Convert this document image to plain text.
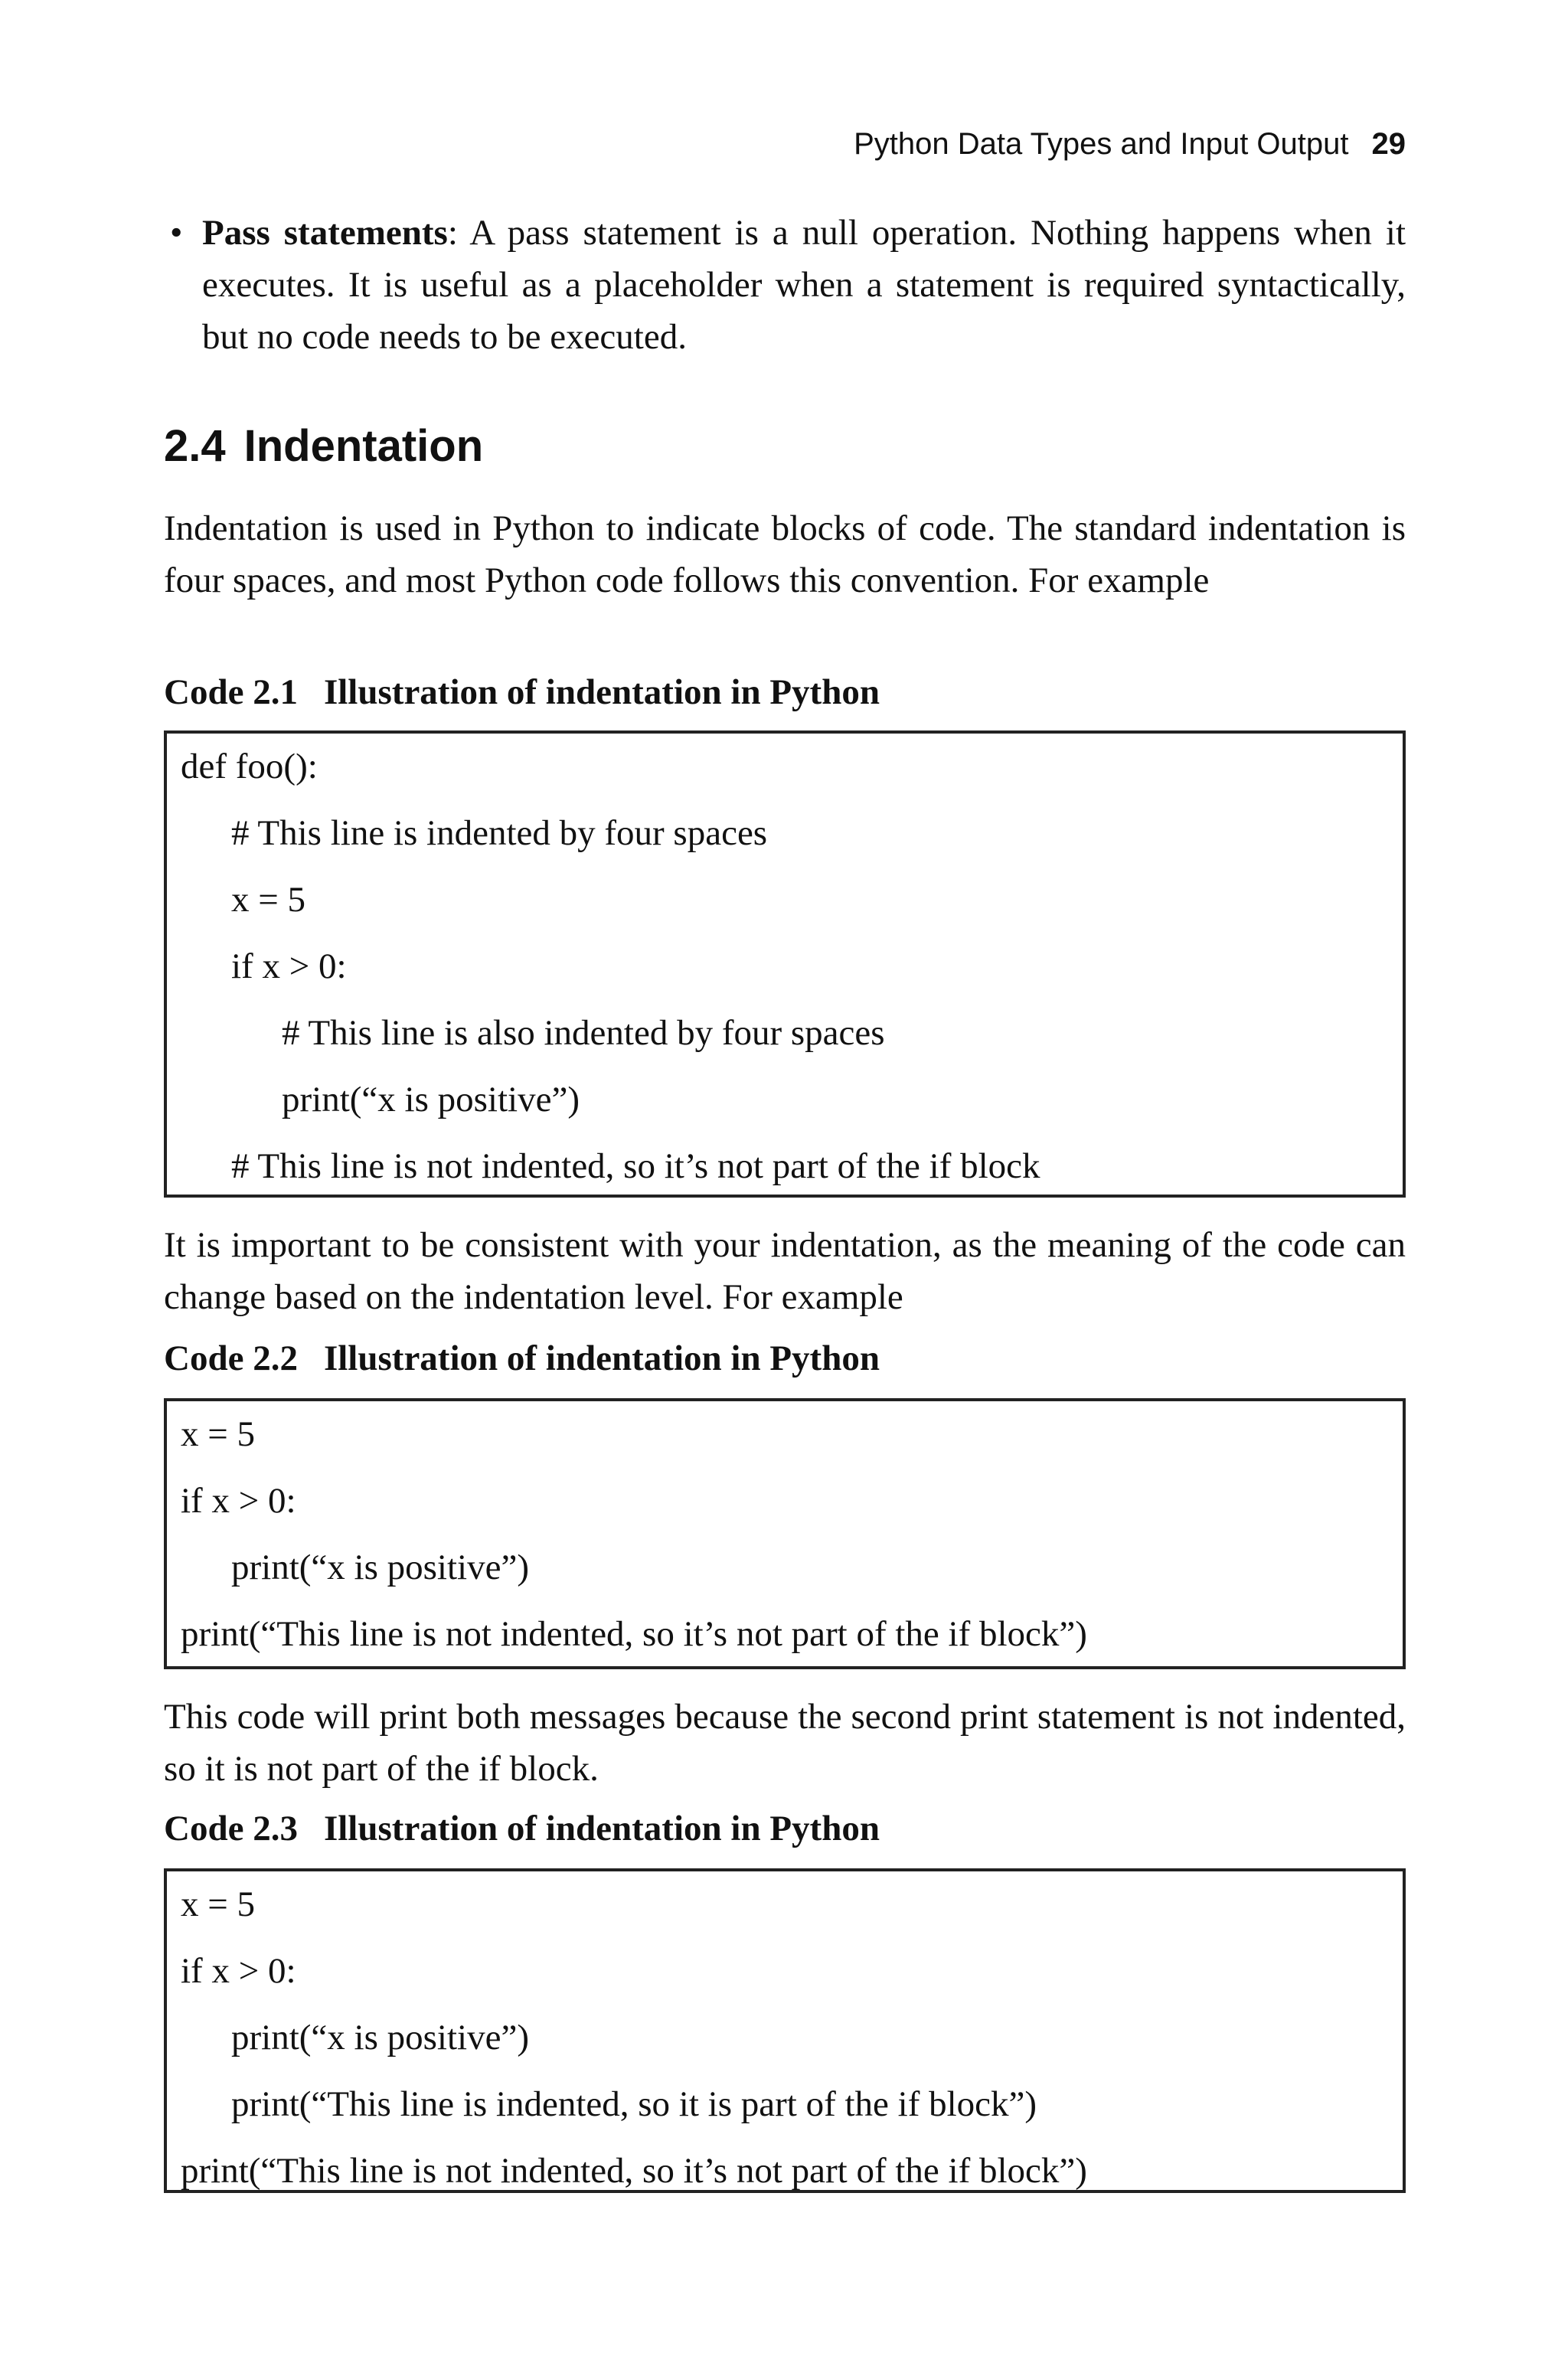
Python Data Types and Input Output 29
• Pass statements: A pass statement is a null operation. Nothing happens when it executes. It is useful as a placeholder when a statement is required syntactically, but no code needs to be executed.

2.4 Indentation

Indentation is used in Python to indicate blocks of code. The standard indentation is four spaces, and most Python code follows this convention. For example

Code 2.1 Illustration of indentation in Python

def foo():
# This line is indented by four spaces
x = 5
if x > 0:
# This line is also indented by four spaces
print(“x is positive”)
# This line is not indented, so it’s not part of the if block

It is important to be consistent with your indentation, as the meaning of the code can change based on the indentation level. For example

Code 2.2 Illustration of indentation in Python

x = 5
if x > 0:
print(“x is positive”)
print(“This line is not indented, so it’s not part of the if block”)

This code will print both messages because the second print statement is not indented, so it is not part of the if block.

Code 2.3 Illustration of indentation in Python

x = 5
if x > 0:
print(“x is positive”)
print(“This line is indented, so it is part of the if block”)
print(“This line is not indented, so it’s not part of the if block”)
